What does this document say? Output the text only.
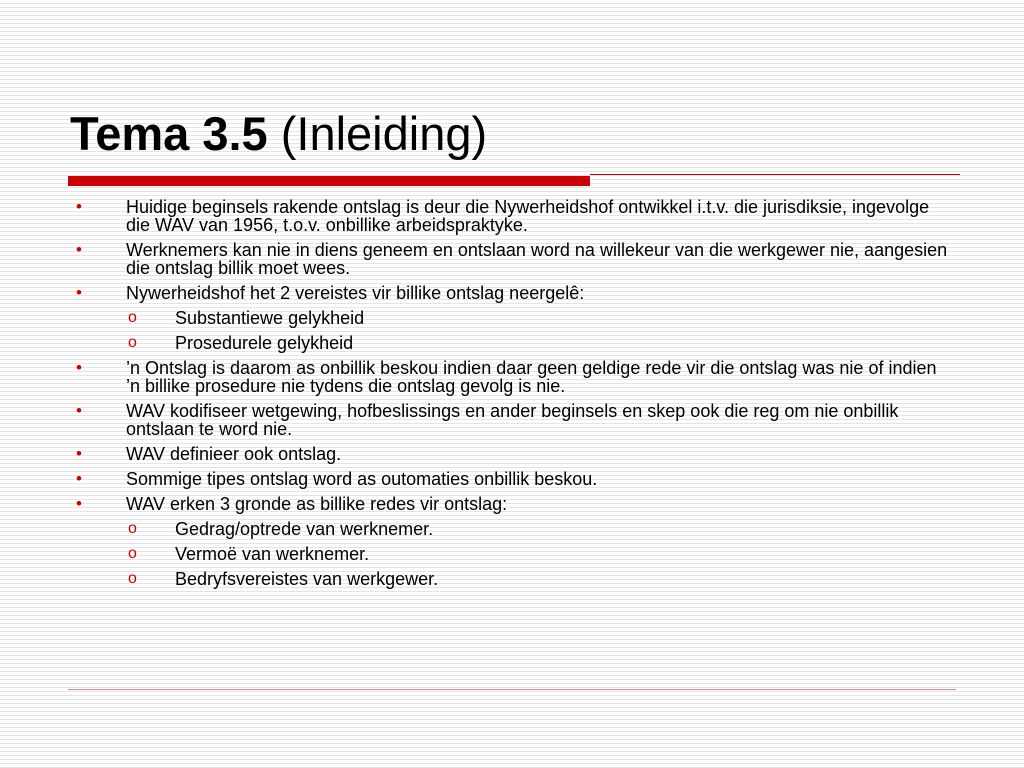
Tema 3.5 (Inleiding)
• Huidige beginsels rakende ontslag is deur die Nywerheidshof ontwikkel i.t.v. die jurisdiksie, ingevolge die WAV van 1956, t.o.v. onbillike arbeidspraktyke.
• Werknemers kan nie in diens geneem en ontslaan word na willekeur van die werkgewer nie, aangesien die ontslag billik moet wees.
• Nywerheidshof het 2 vereistes vir billike ontslag neergelê:
o Substantiewe gelykheid
o Prosedurele gelykheid
• ’n Ontslag is daarom as onbillik beskou indien daar geen geldige rede vir die ontslag was nie of indien ’n billike prosedure nie tydens die ontslag gevolg is nie.
• WAV kodifiseer wetgewing, hofbeslissings en ander beginsels en skep ook die reg om nie onbillik ontslaan te word nie.
• WAV definieer ook ontslag.
• Sommige tipes ontslag word as outomaties onbillik beskou.
• WAV erken 3 gronde as billike redes vir ontslag:
o Gedrag/optrede van werknemer.
o Vermoë van werknemer.
o Bedryfsvereistes van werkgewer.
